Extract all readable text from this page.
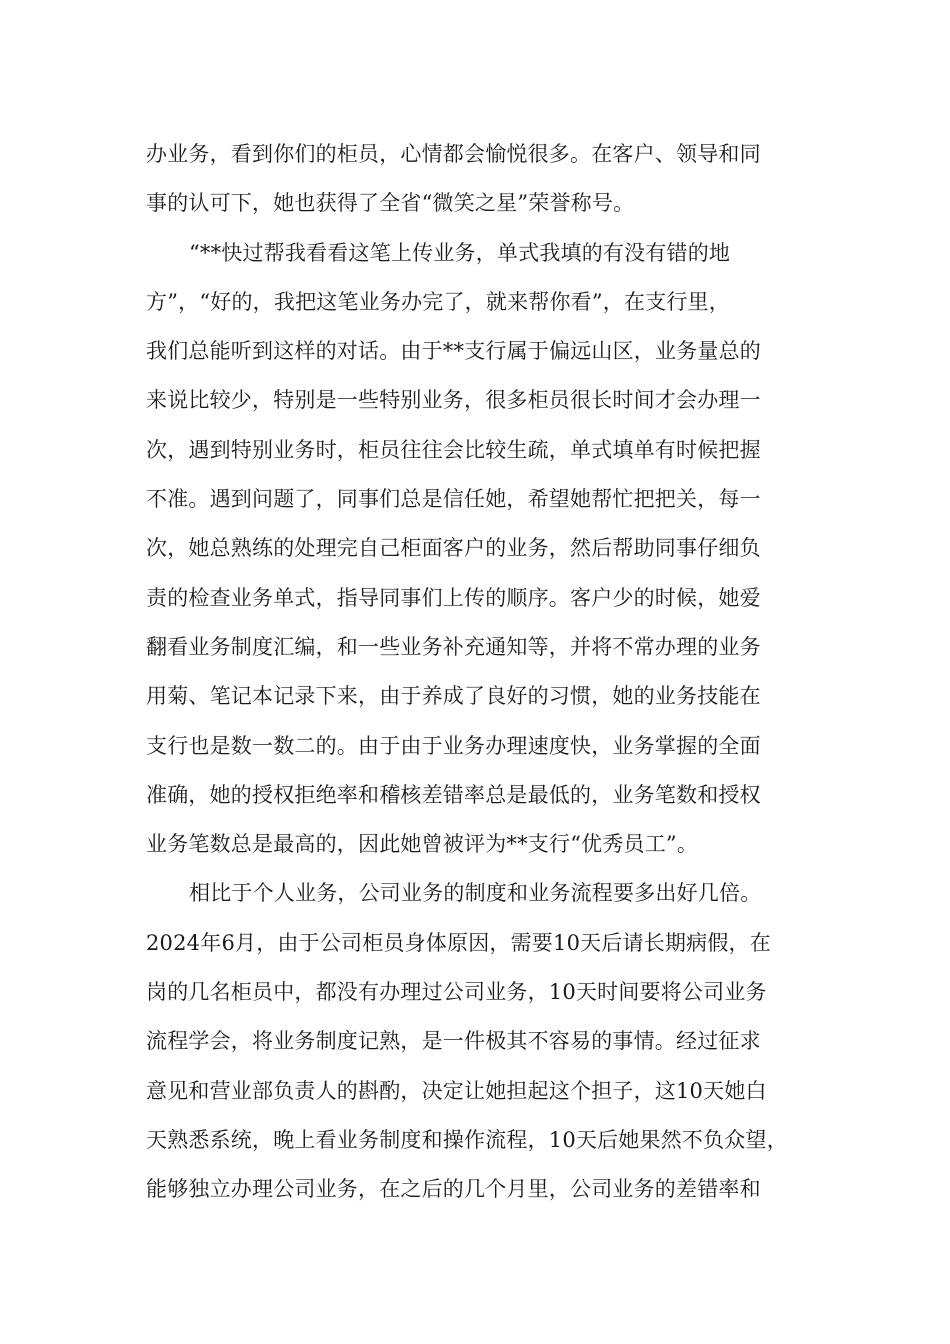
办业务，看到你们的柜员，心情都会愉悦很多。在客户、领导和同
事的认可下，她也获得了全省“微笑之星”荣誉称号。
“**快过帮我看看这笔上传业务，单式我填的有没有错的地
方”，“好的，我把这笔业务办完了，就来帮你看”，在支行里，
我们总能听到这样的对话。由于**支行属于偏远山区，业务量总的
来说比较少，特别是一些特别业务，很多柜员很长时间才会办理一
次，遇到特别业务时，柜员往往会比较生疏，单式填单有时候把握
不准。遇到问题了，同事们总是信任她，希望她帮忙把把关，每一
次，她总熟练的处理完自己柜面客户的业务，然后帮助同事仔细负
责的检查业务单式，指导同事们上传的顺序。客户少的时候，她爱
翻看业务制度汇编，和一些业务补充通知等，并将不常办理的业务
用菊、笔记本记录下来，由于养成了良好的习惯，她的业务技能在
支行也是数一数二的。由于由于业务办理速度快，业务掌握的全面
准确，她的授权拒绝率和稽核差错率总是最低的，业务笔数和授权
业务笔数总是最高的，因此她曾被评为**支行“优秀员工”。
相比于个人业务，公司业务的制度和业务流程要多出好几倍。
2024年6月，由于公司柜员身体原因，需要10天后请长期病假，在
岗的几名柜员中，都没有办理过公司业务，10天时间要将公司业务
流程学会，将业务制度记熟，是一件极其不容易的事情。经过征求
意见和营业部负责人的斟酌，决定让她担起这个担子，这10天她白
天熟悉系统，晚上看业务制度和操作流程，10天后她果然不负众望，
能够独立办理公司业务，在之后的几个月里，公司业务的差错率和
